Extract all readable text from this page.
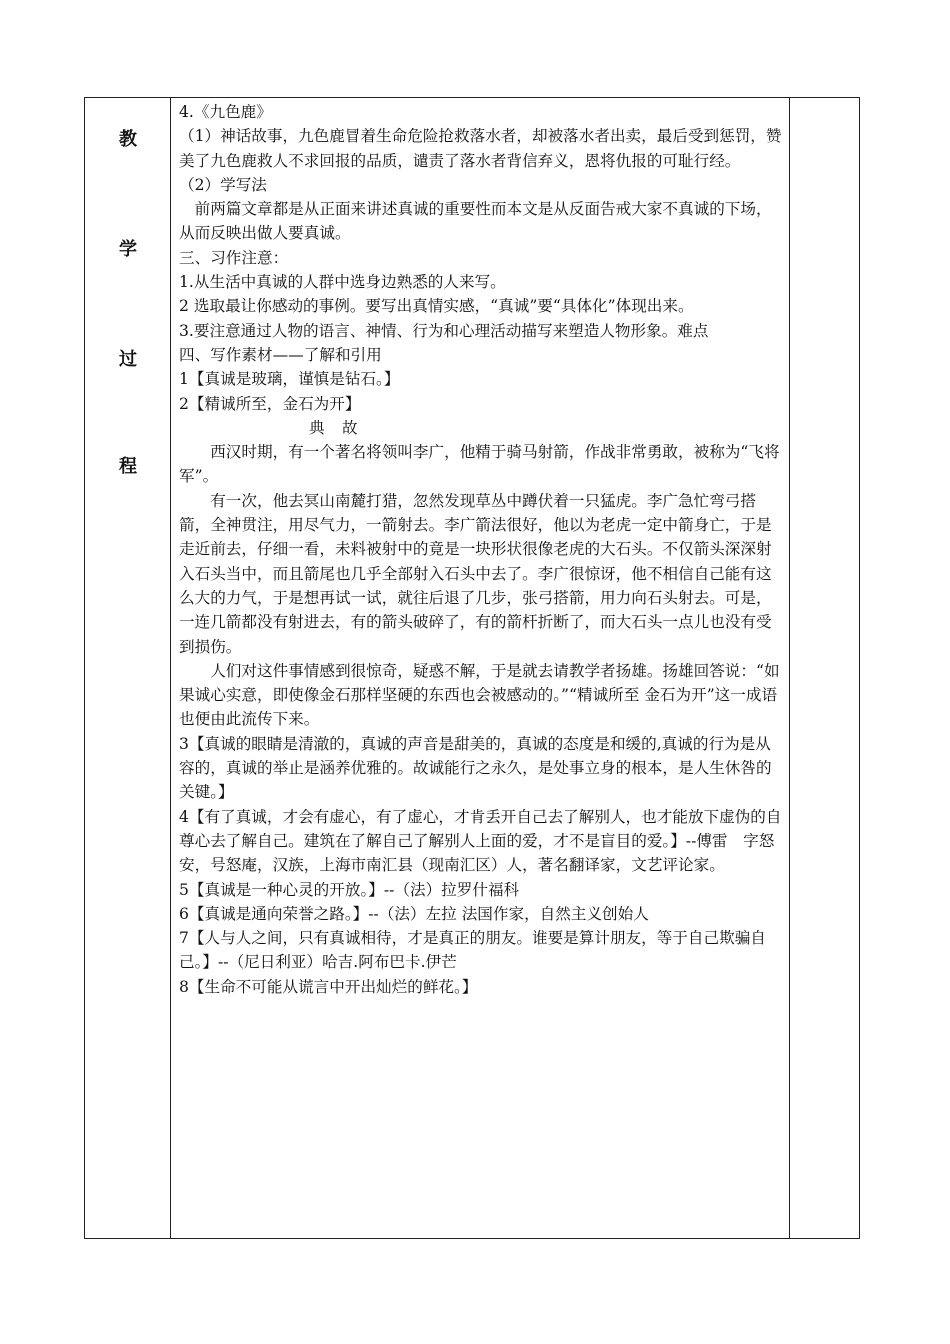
教
学
过
程

4.《九色鹿》

（1）神话故事，九色鹿冒着生命危险抢救落水者，却被落水者出卖，最后受到惩罚，赞美了九色鹿救人不求回报的品质，谴责了落水者背信弃义，恩将仇报的可耻行经。

（2）学写法

前两篇文章都是从正面来讲述真诚的重要性而本文是从反面告戒大家不真诚的下场，从而反映出做人要真诚。

三、习作注意：

1.从生活中真诚的人群中选身边熟悉的人来写。

2 选取最让你感动的事例。要写出真情实感，“真诚”要“具体化”体现出来。

3.要注意通过人物的语言、神情、行为和心理活动描写来塑造人物形象。难点

四、写作素材——了解和引用

1【真诚是玻璃，谨慎是钻石。】

2【精诚所至，金石为开】

典 故

西汉时期，有一个著名将领叫李广，他精于骑马射箭，作战非常勇敢，被称为“飞将军”。

有一次，他去冥山南麓打猎，忽然发现草丛中蹲伏着一只猛虎。李广急忙弯弓搭箭，全神贯注，用尽气力，一箭射去。李广箭法很好，他以为老虎一定中箭身亡，于是走近前去，仔细一看，未料被射中的竟是一块形状很像老虎的大石头。不仅箭头深深射入石头当中，而且箭尾也几乎全部射入石头中去了。李广很惊讶，他不相信自己能有这么大的力气，于是想再试一试，就往后退了几步，张弓搭箭，用力向石头射去。可是，一连几箭都没有射进去，有的箭头破碎了，有的箭杆折断了，而大石头一点儿也没有受到损伤。

人们对这件事情感到很惊奇，疑惑不解，于是就去请教学者扬雄。扬雄回答说：“如果诚心实意，即使像金石那样坚硬的东西也会被感动的。”“精诚所至 金石为开”这一成语也便由此流传下来。

3【真诚的眼睛是清澈的，真诚的声音是甜美的，真诚的态度是和缓的,真诚的行为是从容的，真诚的举止是涵养优雅的。故诚能行之永久，是处事立身的根本，是人生休咎的关键。】

4【有了真诚，才会有虚心，有了虚心，才肯丢开自己去了解别人，也才能放下虚伪的自尊心去了解自己。建筑在了解自己了解别人上面的爱，才不是盲目的爱。】--傅雷　字怒安，号怒庵，汉族，上海市南汇县（现南汇区）人，著名翻译家，文艺评论家。

5【真诚是一种心灵的开放。】--（法）拉罗什福科

6【真诚是通向荣誉之路。】--（法）左拉 法国作家，自然主义创始人

7【人与人之间，只有真诚相待，才是真正的朋友。谁要是算计朋友，等于自己欺骗自己。】--（尼日利亚）哈吉.阿布巴卡.伊芒

8【生命不可能从谎言中开出灿烂的鲜花。】
